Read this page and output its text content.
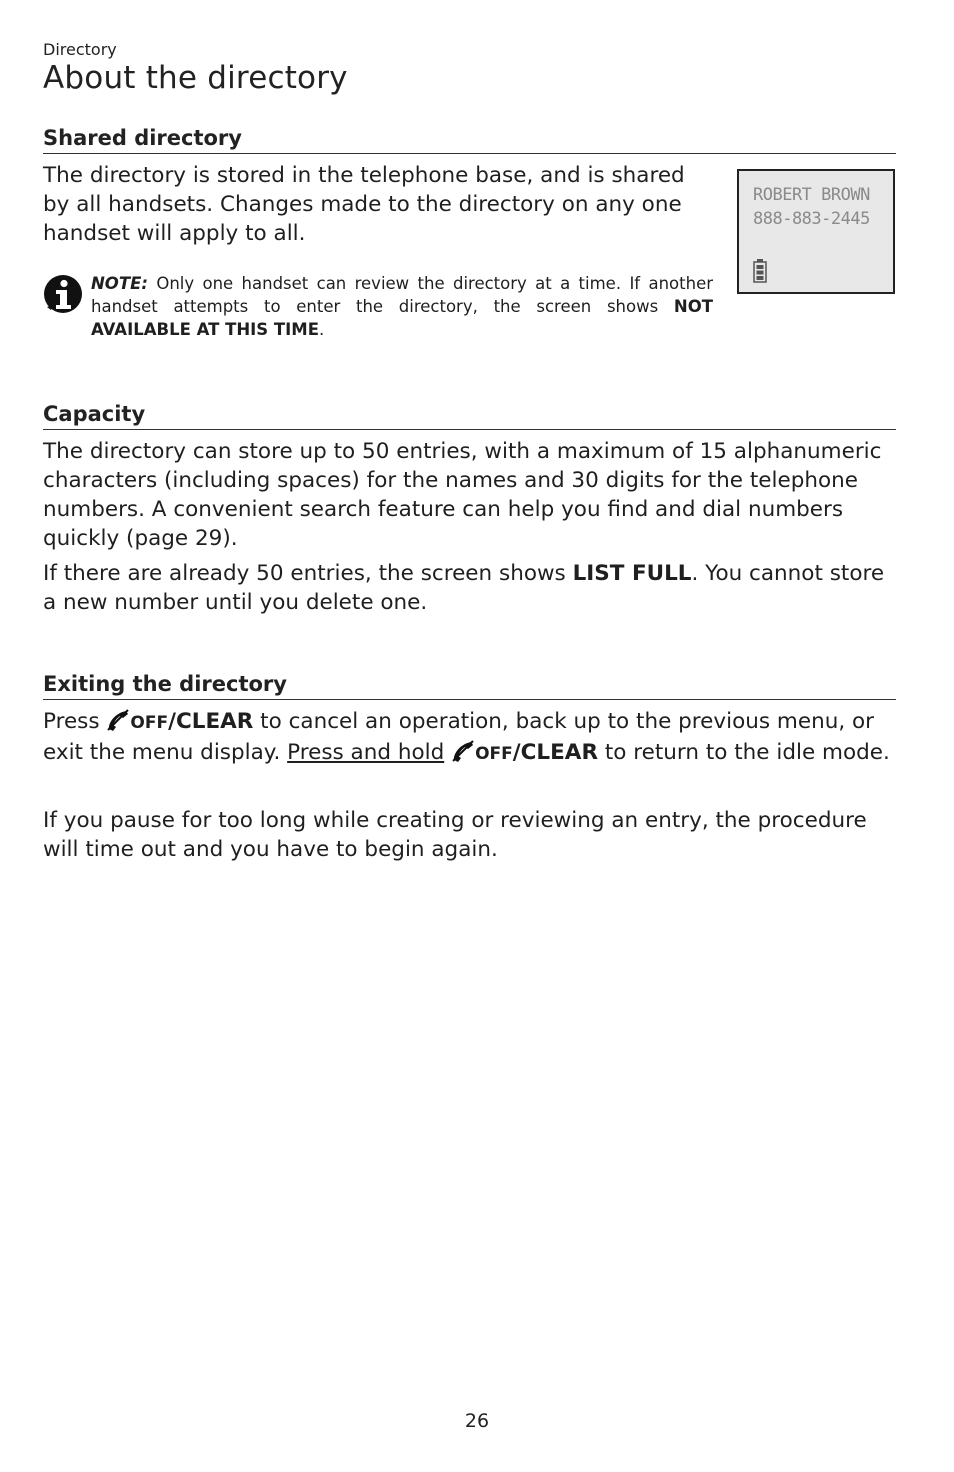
Directory
About the directory
Shared directory

The directory is stored in the telephone base, and is shared
by all handsets. Changes made to the directory on any one
handset will apply to all.

NOTE: Only one handset can review the directory at a time. If another handset attempts to enter the directory, the screen shows NOT AVAILABLE AT THIS TIME.

ROBERT BROWN
888-883-2445
Capacity

The directory can store up to 50 entries, with a maximum of 15 alphanumeric characters (including spaces) for the names and 30 digits for the telephone numbers. A convenient search feature can help you find and dial numbers quickly (page 29).

If there are already 50 entries, the screen shows LIST FULL. You cannot store a new number until you delete one.

Exiting the directory

Press OFF/CLEAR to cancel an operation, back up to the previous menu, or exit the menu display. Press and hold OFF/CLEAR to return to the idle mode.

If you pause for too long while creating or reviewing an entry, the procedure will time out and you have to begin again.

26
